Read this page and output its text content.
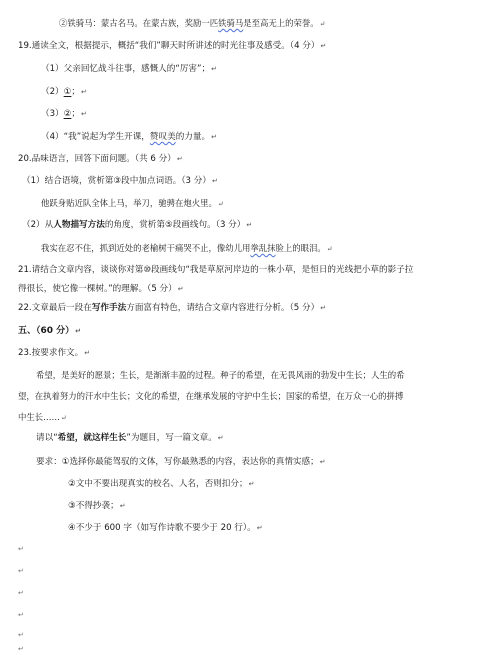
②铁骑马：蒙古名马。在蒙古族，奖励一匹铁骑马是至高无上的荣誉。↵
19.通读全文，根据提示，概括“我们”聊天时所讲述的时光往事及感受。（4 分）↵
（1）父亲回忆战斗往事，感慨人的“厉害”；↵
（2）①；↵
（3）②；↵
（4）“我”说起为学生开课，赞叹美的力量。↵
20.品味语言，回答下面问题。（共 6 分）↵
（1）结合语境，赏析第③段中加点词语。（3 分）↵
他跃身贴近队全体上马，举刀，驰骋在炮火里。↵
（2）从人物描写方法的角度，赏析第⑤段画线句。（3 分）↵
我实在忍不住，抓到近处的老榆树干痛哭不止，像幼儿用拳乱抹脸上的眼泪。↵
21.请结合文章内容，谈谈你对第⑩段画线句“我是草原河岸边的一株小草，是恒日的光线把小草的影子拉
得很长，使它像一棵树。”的理解。（5 分）↵
22.文章最后一段在写作手法方面富有特色，请结合文章内容进行分析。（5 分）↵
五、（60 分）↵
23.按要求作文。↵
希望，是美好的愿景；生长，是渐渐丰盈的过程。种子的希望，在无畏风雨的勃发中生长；人生的希
望，在执着努力的汗水中生长；文化的希望，在继承发展的守护中生长；国家的希望，在万众一心的拼搏
中生长……↵
请以“希望，就这样生长”为题目，写一篇文章。↵
要求：①选择你最能驾驭的文体，写你最熟悉的内容，表达你的真情实感；↵
②文中不要出现真实的校名、人名，否则扣分；↵
③不得抄袭；↵
④不少于 600 字（如写作诗歌不要少于 20 行）。↵
↵
↵
↵
↵
↵
↵
